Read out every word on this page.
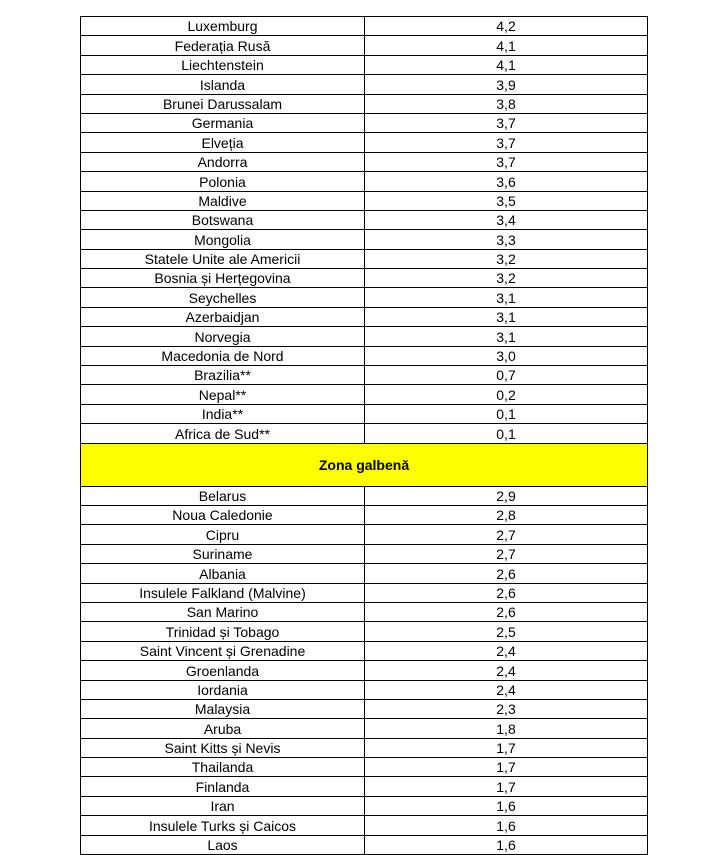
Luxemburg	4,2
Federația Rusă	4,1
Liechtenstein	4,1
Islanda	3,9
Brunei Darussalam	3,8
Germania	3,7
Elveția	3,7
Andorra	3,7
Polonia	3,6
Maldive	3,5
Botswana	3,4
Mongolia	3,3
Statele Unite ale Americii	3,2
Bosnia și Herțegovina	3,2
Seychelles	3,1
Azerbaidjan	3,1
Norvegia	3,1
Macedonia de Nord	3,0
Brazilia**	0,7
Nepal**	0,2
India**	0,1
Africa de Sud**	0,1
Zona galbenă	
Belarus	2,9
Noua Caledonie	2,8
Cipru	2,7
Suriname	2,7
Albania	2,6
Insulele Falkland (Malvine)	2,6
San Marino	2,6
Trinidad și Tobago	2,5
Saint Vincent și Grenadine	2,4
Groenlanda	2,4
Iordania	2,4
Malaysia	2,3
Aruba	1,8
Saint Kitts și Nevis	1,7
Thailanda	1,7
Finlanda	1,7
Iran	1,6
Insulele Turks și Caicos	1,6
Laos	1,6
